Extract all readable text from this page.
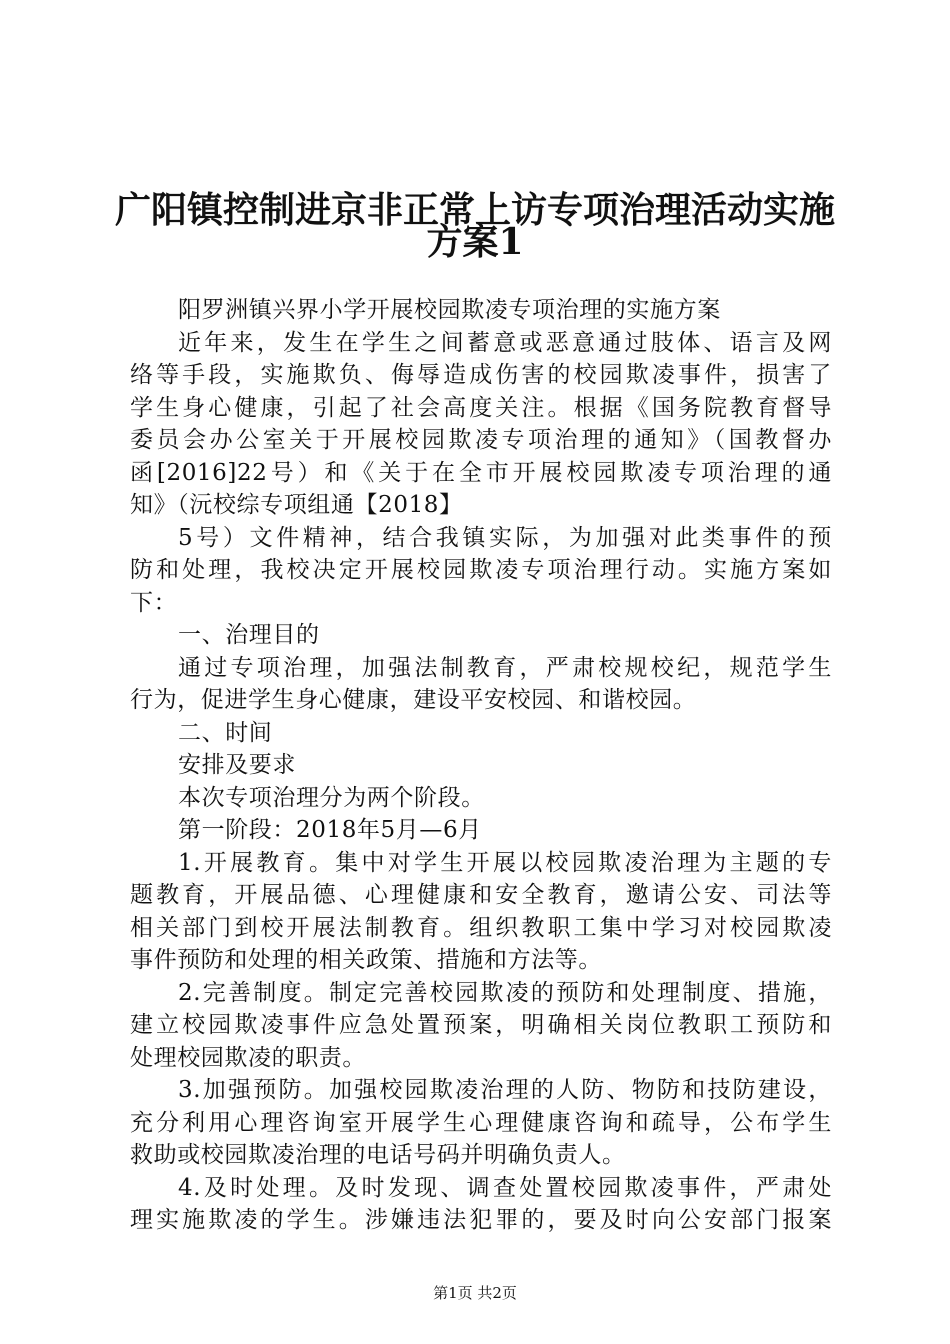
广阳镇控制进京非正常上访专项治理活动实施
方案1
阳罗洲镇兴界小学开展校园欺凌专项治理的实施方案
近年来，发生在学生之间蓄意或恶意通过肢体、语言及网
络等手段，实施欺负、侮辱造成伤害的校园欺凌事件，损害了
学生身心健康，引起了社会高度关注。根据《国务院教育督导
委员会办公室关于开展校园欺凌专项治理的通知》（国教督办
函[2016]22号）和《关于在全市开展校园欺凌专项治理的通
知》（沅校综专项组通【2018】
5号）文件精神，结合我镇实际，为加强对此类事件的预
防和处理，我校决定开展校园欺凌专项治理行动。实施方案如
下：
一、治理目的
通过专项治理，加强法制教育，严肃校规校纪，规范学生
行为，促进学生身心健康，建设平安校园、和谐校园。
二、时间
安排及要求
本次专项治理分为两个阶段。
第一阶段：2018年5月—6月
1.开展教育。集中对学生开展以校园欺凌治理为主题的专
题教育，开展品德、心理健康和安全教育，邀请公安、司法等
相关部门到校开展法制教育。组织教职工集中学习对校园欺凌
事件预防和处理的相关政策、措施和方法等。
2.完善制度。制定完善校园欺凌的预防和处理制度、措施，
建立校园欺凌事件应急处置预案，明确相关岗位教职工预防和
处理校园欺凌的职责。
3.加强预防。加强校园欺凌治理的人防、物防和技防建设，
充分利用心理咨询室开展学生心理健康咨询和疏导，公布学生
救助或校园欺凌治理的电话号码并明确负责人。
4.及时处理。及时发现、调查处置校园欺凌事件，严肃处
理实施欺凌的学生。涉嫌违法犯罪的，要及时向公安部门报案
第1页 共2页
